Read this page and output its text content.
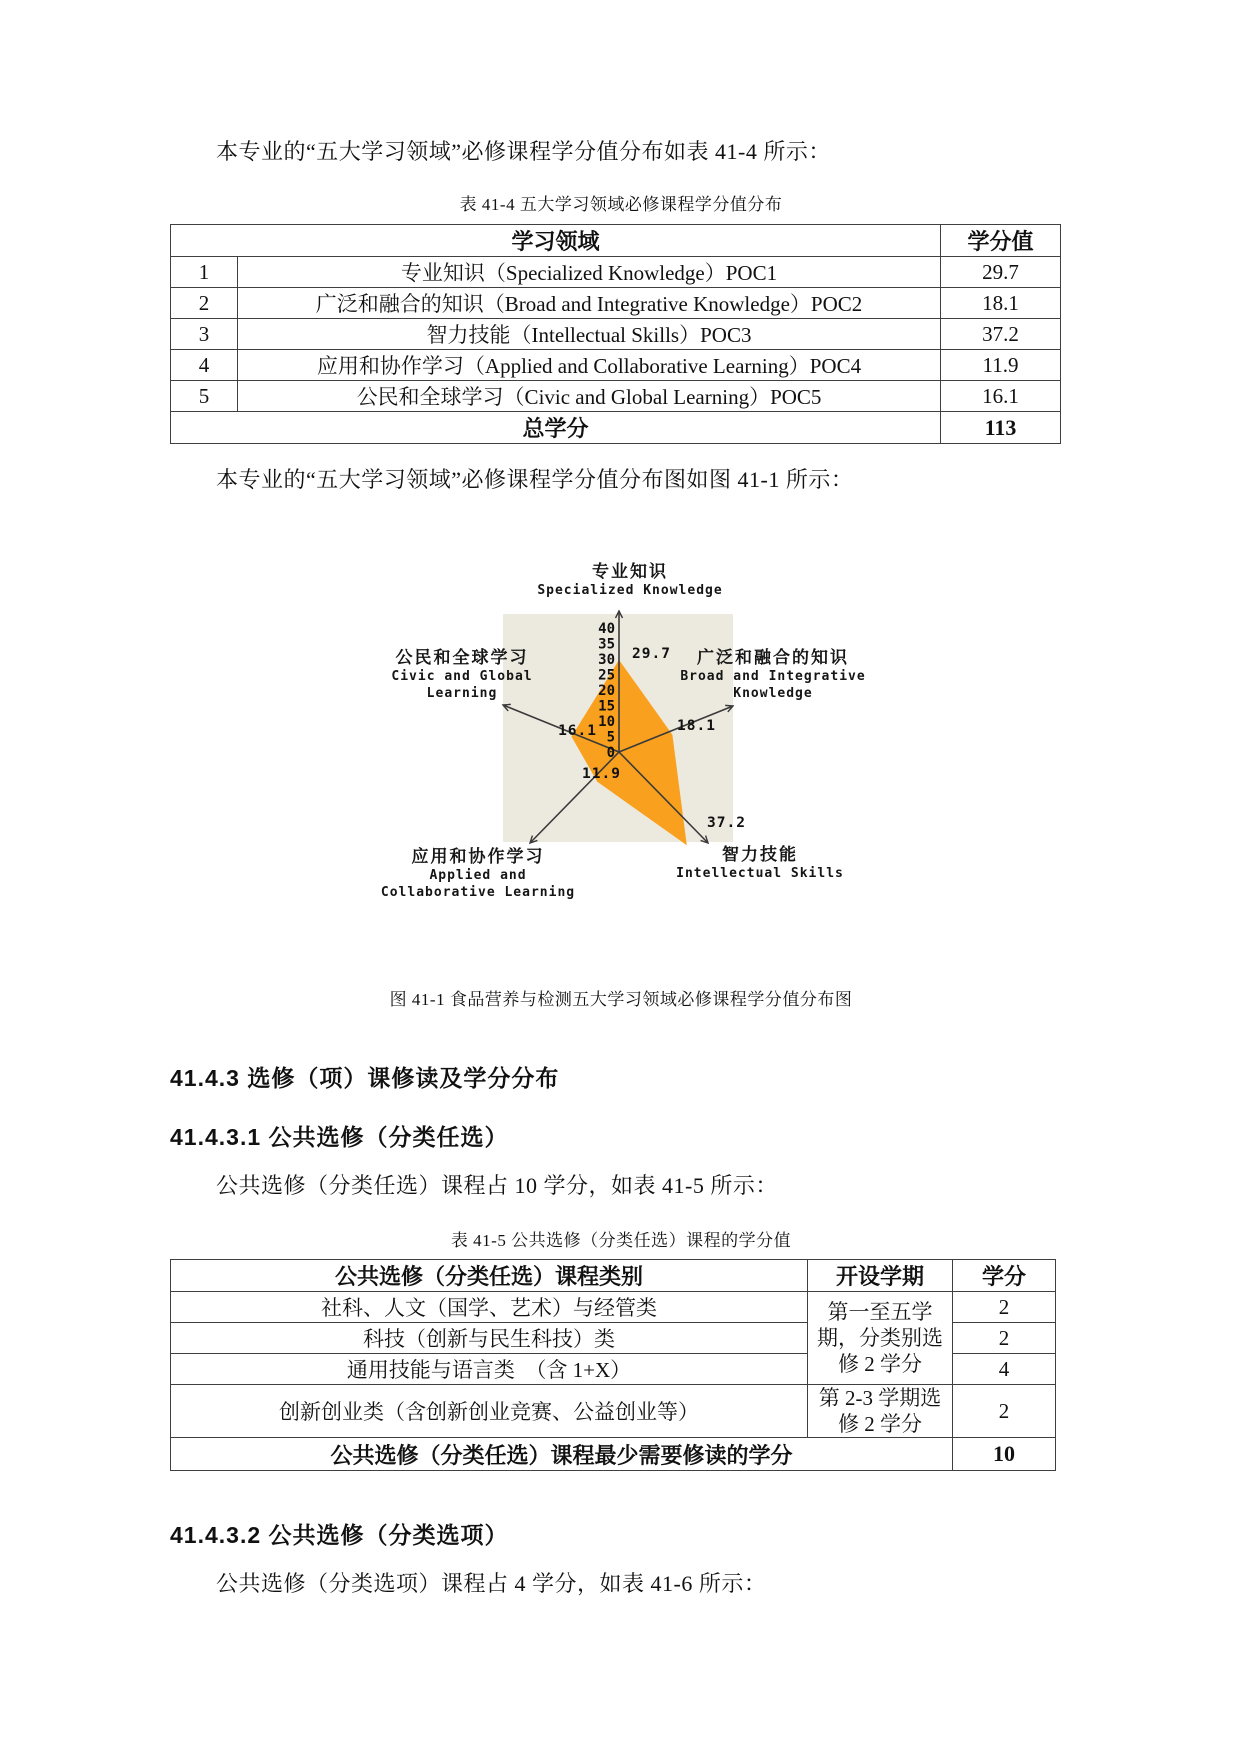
本专业的“五大学习领域”必修课程学分值分布如表 41-4 所示：

表 41-4 五大学习领域必修课程学分值分布
学习领域		学分值
1	专业知识（Specialized Knowledge）POC1	29.7
2	广泛和融合的知识（Broad and Integrative Knowledge）POC2	18.1
3	智力技能（Intellectual Skills）POC3	37.2
4	应用和协作学习（Applied and Collaborative Learning）POC4	11.9
5	公民和全球学习（Civic and Global Learning）POC5	16.1
总学分		113

本专业的“五大学习领域”必修课程学分值分布图如图 41-1 所示：

40
35
30
25
20
15
10
5
0
29.7
18.1
37.2
11.9
16.1
专业知识
Specialized Knowledge
广泛和融合的知识
Broad and Integrative
Knowledge
智力技能
Intellectual Skills
应用和协作学习
Applied and
Collaborative Learning
公民和全球学习
Civic and Global
Learning
图 41-1 食品营养与检测五大学习领域必修课程学分值分布图
41.4.3 选修（项）课修读及学分分布
41.4.3.1 公共选修（分类任选）

公共选修（分类任选）课程占 10 学分，如表 41-5 所示：

表 41-5 公共选修（分类任选）课程的学分值
公共选修（分类任选）课程类别	开设学期	学分
社科、人文（国学、艺术）与经管类	第一至五学
期，分类别选
修 2 学分	2
科技（创新与民生科技）类		2
通用技能与语言类　（含 1+X）		4
创新创业类（含创新创业竞赛、公益创业等）	第 2-3 学期选
修 2 学分	2
公共选修（分类任选）课程最少需要修读的学分		10
41.4.3.2 公共选修（分类选项）

公共选修（分类选项）课程占 4 学分，如表 41-6 所示：
